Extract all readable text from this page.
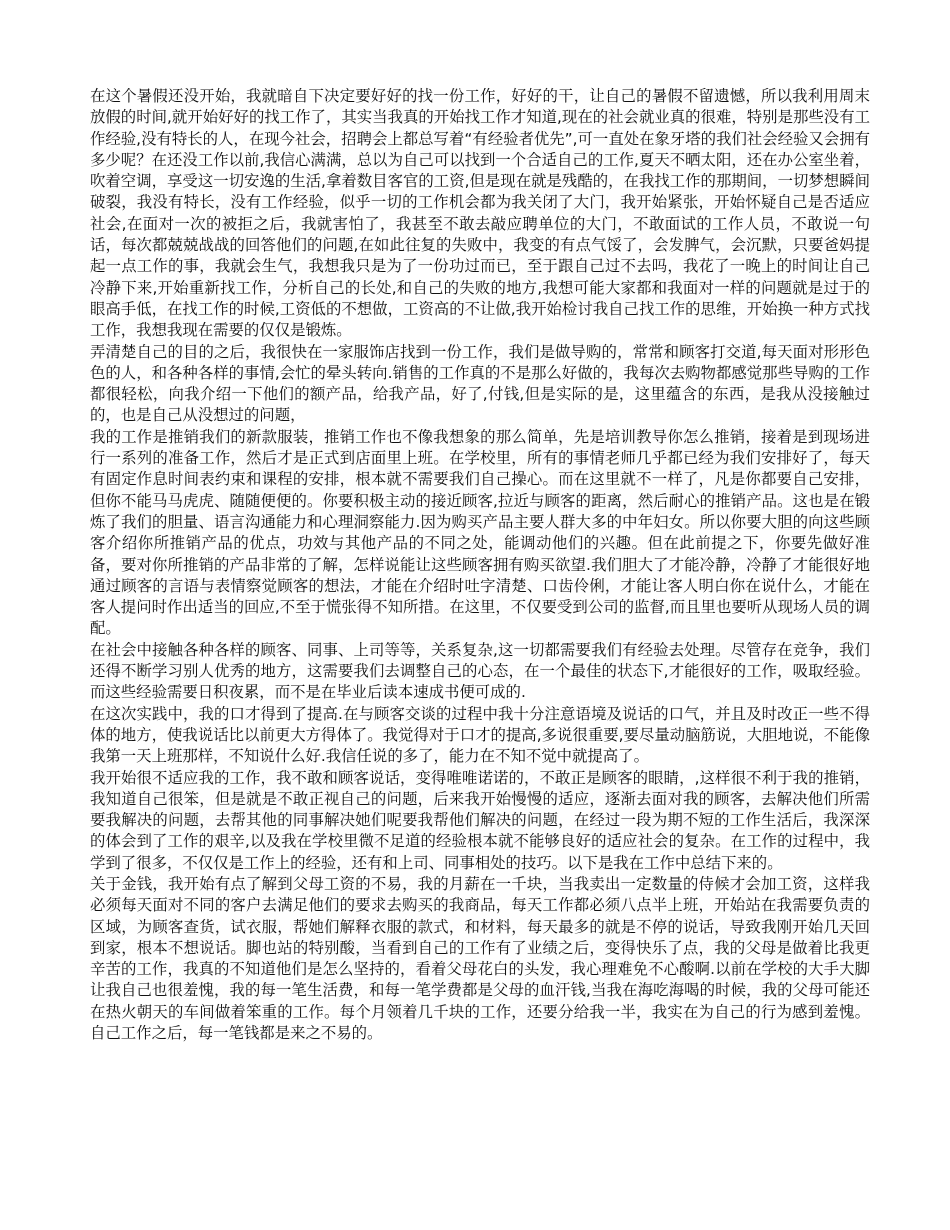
在这个暑假还没开始，我就暗自下决定要好好的找一份工作，好好的干，让自己的暑假不留遗憾，所以我利用周末放假的时间,就开始好好的找工作了，其实当我真的开始找工作才知道,现在的社会就业真的很难，特别是那些没有工作经验,没有特长的人，在现今社会，招聘会上都总写着“有经验者优先”,可一直处在象牙塔的我们社会经验又会拥有多少呢？在还没工作以前,我信心满满，总以为自己可以找到一个合适自己的工作,夏天不晒太阳，还在办公室坐着，吹着空调，享受这一切安逸的生活,拿着数目客官的工资,但是现在就是残酷的，在我找工作的那期间，一切梦想瞬间破裂，我没有特长，没有工作经验，似乎一切的工作机会都为我关闭了大门，我开始紧张，开始怀疑自己是否适应社会,在面对一次的被拒之后，我就害怕了，我甚至不敢去敲应聘单位的大门，不敢面试的工作人员，不敢说一句话，每次都兢兢战战的回答他们的问题,在如此往复的失败中，我变的有点气馁了，会发脾气，会沉默，只要爸妈提起一点工作的事，我就会生气，我想我只是为了一份功过而已，至于跟自己过不去吗，我花了一晚上的时间让自己冷静下来,开始重新找工作，分析自己的长处,和自己的失败的地方,我想可能大家都和我面对一样的问题就是过于的眼高手低，在找工作的时候,工资低的不想做，工资高的不让做,我开始检讨我自己找工作的思维，开始换一种方式找工作，我想我现在需要的仅仅是锻炼。

弄清楚自己的目的之后，我很快在一家服饰店找到一份工作，我们是做导购的，常常和顾客打交道,每天面对形形色色的人，和各种各样的事情,会忙的晕头转向.销售的工作真的不是那么好做的，我每次去购物都感觉那些导购的工作都很轻松，向我介绍一下他们的额产品，给我产品，好了,付钱,但是实际的是，这里蕴含的东西，是我从没接触过的，也是自己从没想过的问题，

我的工作是推销我们的新款服装，推销工作也不像我想象的那么简单，先是培训教导你怎么推销，接着是到现场进行一系列的准备工作，然后才是正式到店面里上班。在学校里，所有的事情老师几乎都已经为我们安排好了，每天有固定作息时间表约束和课程的安排，根本就不需要我们自己操心。而在这里就不一样了，凡是你都要自己安排，但你不能马马虎虎、随随便便的。你要积极主动的接近顾客,拉近与顾客的距离，然后耐心的推销产品。这也是在锻炼了我们的胆量、语言沟通能力和心理洞察能力.因为购买产品主要人群大多的中年妇女。所以你要大胆的向这些顾客介绍你所推销产品的优点，功效与其他产品的不同之处，能调动他们的兴趣。但在此前提之下，你要先做好准备，要对你所推销的产品非常的了解，怎样说能让这些顾客拥有购买欲望.我们胆大了才能冷静，冷静了才能很好地通过顾客的言语与表情察觉顾客的想法，才能在介绍时吐字清楚、口齿伶俐，才能让客人明白你在说什么，才能在客人提问时作出适当的回应,不至于慌张得不知所措。在这里，不仅要受到公司的监督,而且里也要听从现场人员的调配。

在社会中接触各种各样的顾客、同事、上司等等，关系复杂,这一切都需要我们有经验去处理。尽管存在竞争，我们还得不断学习别人优秀的地方，这需要我们去调整自己的心态，在一个最佳的状态下,才能很好的工作，吸取经验。而这些经验需要日积夜累，而不是在毕业后读本速成书便可成的.

在这次实践中，我的口才得到了提高.在与顾客交谈的过程中我十分注意语境及说话的口气，并且及时改正一些不得体的地方，使我说话比以前更大方得体了。我觉得对于口才的提高,多说很重要,要尽量动脑筋说，大胆地说，不能像我第一天上班那样，不知说什么好.我信任说的多了，能力在不知不觉中就提高了。

我开始很不适应我的工作，我不敢和顾客说话，变得唯唯诺诺的，不敢正是顾客的眼睛，,这样很不利于我的推销，我知道自己很笨，但是就是不敢正视自己的问题，后来我开始慢慢的适应，逐渐去面对我的顾客，去解决他们所需要我解决的问题，去帮其他的同事解决她们呢要我帮他们解决的问题，在经过一段为期不短的工作生活后，我深深的体会到了工作的艰辛,以及我在学校里微不足道的经验根本就不能够良好的适应社会的复杂。在工作的过程中，我学到了很多，不仅仅是工作上的经验，还有和上司、同事相处的技巧。以下是我在工作中总结下来的。

关于金钱，我开始有点了解到父母工资的不易，我的月薪在一千块，当我卖出一定数量的侍候才会加工资，这样我必须每天面对不同的客户去满足他们的要求去购买的我商品，每天工作都必须八点半上班，开始站在我需要负责的区域，为顾客查货，试衣服，帮她们解释衣服的款式，和材料，每天最多的就是不停的说话，导致我刚开始几天回到家，根本不想说话。脚也站的特别酸，当看到自己的工作有了业绩之后，变得快乐了点，我的父母是做着比我更辛苦的工作，我真的不知道他们是怎么坚持的，看着父母花白的头发，我心理难免不心酸啊.以前在学校的大手大脚让我自己也很羞愧，我的每一笔生活费，和每一笔学费都是父母的血汗钱,当我在海吃海喝的时候，我的父母可能还在热火朝天的车间做着笨重的工作。每个月领着几千块的工作，还要分给我一半，我实在为自己的行为感到羞愧。自己工作之后，每一笔钱都是来之不易的。
